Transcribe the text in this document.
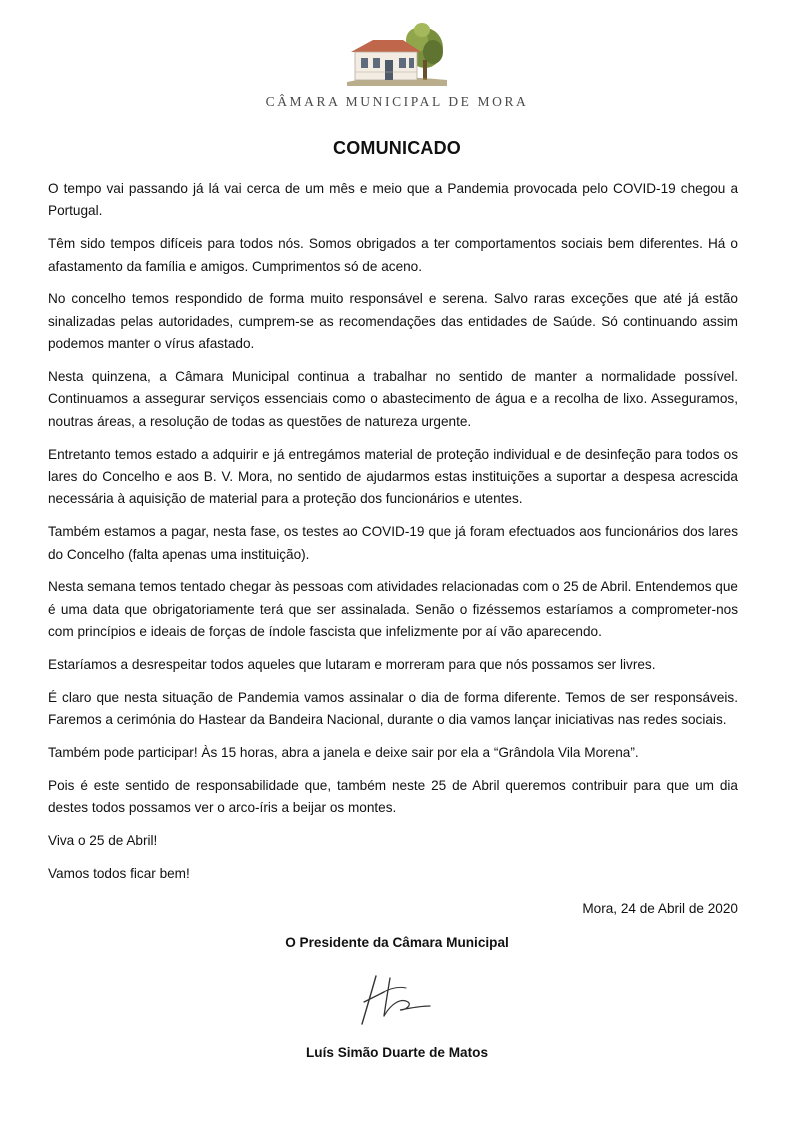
CÂMARA MUNICIPAL DE MORA
COMUNICADO

O tempo vai passando já lá vai cerca de um mês e meio que a Pandemia provocada pelo COVID-19 chegou a Portugal.

Têm sido tempos difíceis para todos nós. Somos obrigados a ter comportamentos sociais bem diferentes. Há o afastamento da família e amigos. Cumprimentos só de aceno.

No concelho temos respondido de forma muito responsável e serena. Salvo raras exceções que até já estão sinalizadas pelas autoridades, cumprem-se as recomendações das entidades de Saúde. Só continuando assim podemos manter o vírus afastado.

Nesta quinzena, a Câmara Municipal continua a trabalhar no sentido de manter a normalidade possível. Continuamos a assegurar serviços essenciais como o abastecimento de água e a recolha de lixo. Asseguramos, noutras áreas, a resolução de todas as questões de natureza urgente.

Entretanto temos estado a adquirir e já entregámos material de proteção individual e de desinfeção para todos os lares do Concelho e aos B. V. Mora, no sentido de ajudarmos estas instituições a suportar a despesa acrescida necessária à aquisição de material para a proteção dos funcionários e utentes.

Também estamos a pagar, nesta fase, os testes ao COVID-19 que já foram efectuados aos funcionários dos lares do Concelho (falta apenas uma instituição).

Nesta semana temos tentado chegar às pessoas com atividades relacionadas com o 25 de Abril. Entendemos que é uma data que obrigatoriamente terá que ser assinalada. Senão o fizéssemos estaríamos a comprometer-nos com princípios e ideais de forças de índole fascista que infelizmente por aí vão aparecendo.

Estaríamos a desrespeitar todos aqueles que lutaram e morreram para que nós possamos ser livres.

É claro que nesta situação de Pandemia vamos assinalar o dia de forma diferente. Temos de ser responsáveis. Faremos a cerimónia do Hastear da Bandeira Nacional, durante o dia vamos lançar iniciativas nas redes sociais.

Também pode participar! Às 15 horas, abra a janela e deixe sair por ela a “Grândola Vila Morena”.

Pois é este sentido de responsabilidade que, também neste 25 de Abril queremos contribuir para que um dia destes todos possamos ver o arco-íris a beijar os montes.

Viva o 25 de Abril!

Vamos todos ficar bem!

Mora, 24 de Abril de 2020
O Presidente da Câmara Municipal
Luís Simão Duarte de Matos
